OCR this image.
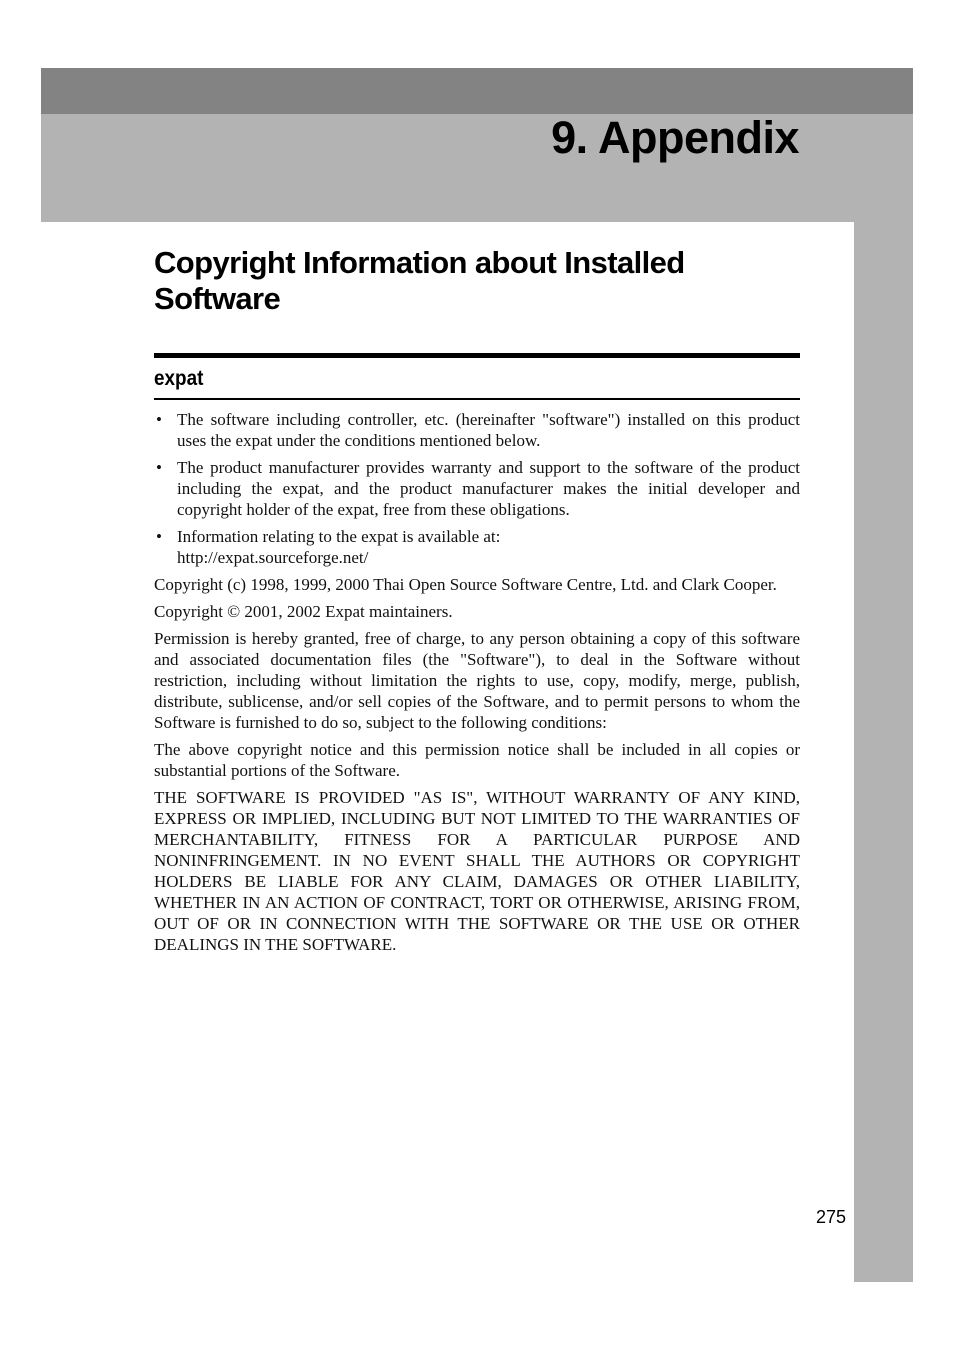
9. Appendix
Copyright Information about Installed Software
expat
• The software including controller, etc. (hereinafter "software") installed on this product uses the expat under the conditions mentioned below.
• The product manufacturer provides warranty and support to the software of the product including the expat, and the product manufacturer makes the initial developer and copyright holder of the expat, free from these obligations.
• Information relating to the expat is available at:
http://expat.sourceforge.net/

Copyright (c) 1998, 1999, 2000 Thai Open Source Software Centre, Ltd. and Clark Cooper.

Copyright © 2001, 2002 Expat maintainers.

Permission is hereby granted, free of charge, to any person obtaining a copy of this software and associated documentation files (the "Software"), to deal in the Software without restriction, including without limitation the rights to use, copy, modify, merge, publish, distribute, sublicense, and/or sell copies of the Software, and to permit persons to whom the Software is furnished to do so, subject to the following conditions:

The above copyright notice and this permission notice shall be included in all copies or substantial portions of the Software.

THE SOFTWARE IS PROVIDED "AS IS", WITHOUT WARRANTY OF ANY KIND, EXPRESS OR IMPLIED, INCLUDING BUT NOT LIMITED TO THE WARRANTIES OF MERCHANTABILITY, FITNESS FOR A PARTICULAR PURPOSE AND NONINFRINGEMENT. IN NO EVENT SHALL THE AUTHORS OR COPYRIGHT HOLDERS BE LIABLE FOR ANY CLAIM, DAMAGES OR OTHER LIABILITY, WHETHER IN AN ACTION OF CONTRACT, TORT OR OTHERWISE, ARISING FROM, OUT OF OR IN CONNECTION WITH THE SOFTWARE OR THE USE OR OTHER DEALINGS IN THE SOFTWARE.

275
